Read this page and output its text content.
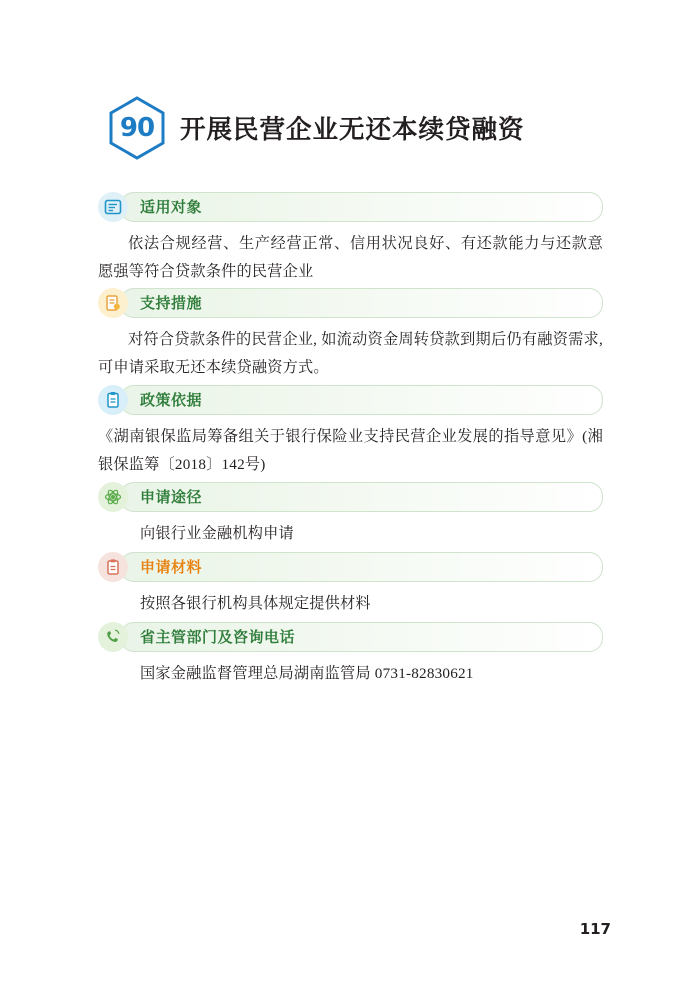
90 开展民营企业无还本续贷融资
适用对象
依法合规经营、生产经营正常、信用状况良好、有还款能力与还款意愿强等符合贷款条件的民营企业
支持措施
对符合贷款条件的民营企业, 如流动资金周转贷款到期后仍有融资需求, 可申请采取无还本续贷融资方式。
政策依据
《湖南银保监局筹备组关于银行保险业支持民营企业发展的指导意见》(湘银保监筹〔2018〕142号)
申请途径
向银行业金融机构申请
申请材料
按照各银行机构具体规定提供材料
省主管部门及咨询电话
国家金融监督管理总局湖南监管局 0731-82830621
117
